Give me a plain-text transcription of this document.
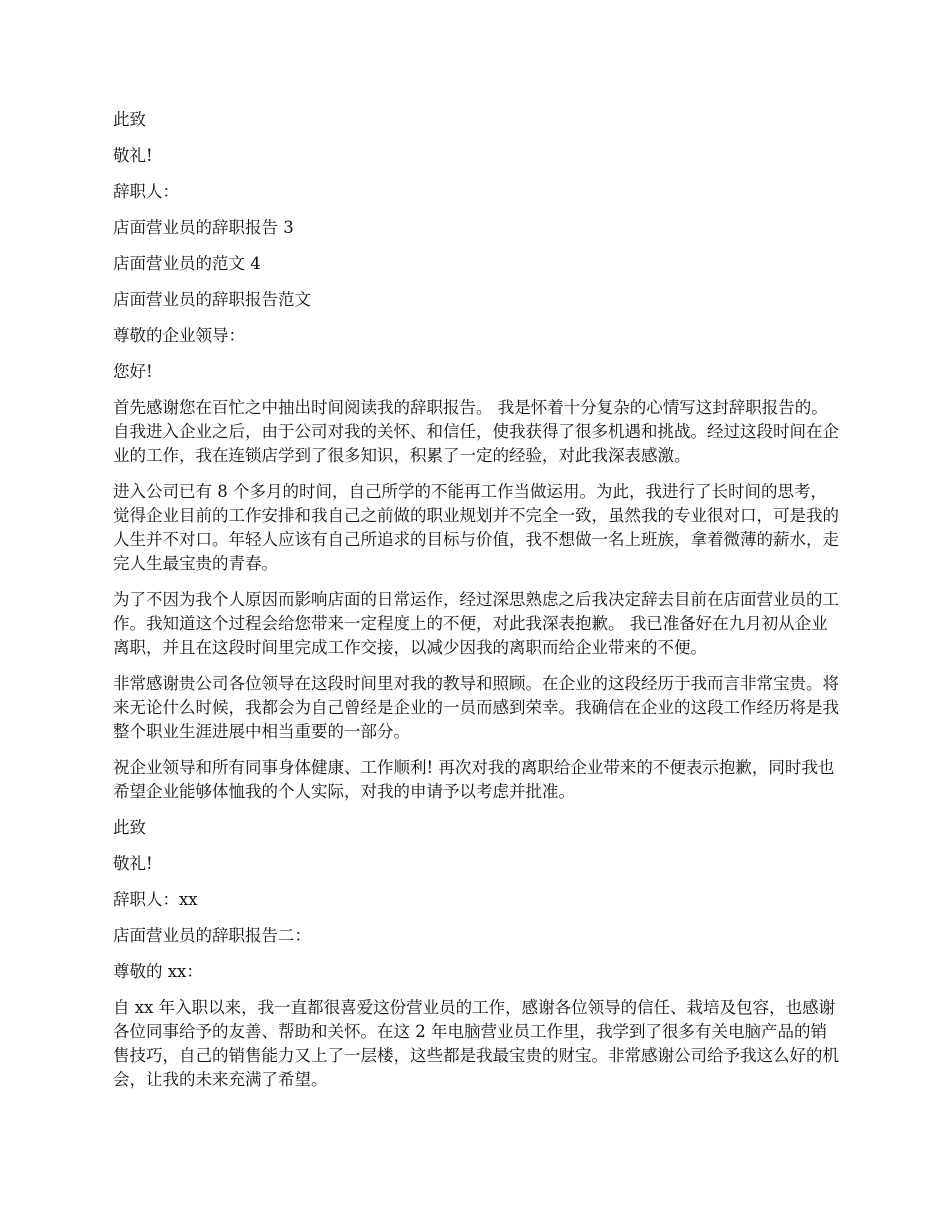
此致

敬礼!

辞职人：

店面营业员的辞职报告 3

店面营业员的范文 4

店面营业员的辞职报告范文

尊敬的企业领导：

您好!

首先感谢您在百忙之中抽出时间阅读我的辞职报告。 我是怀着十分复杂的心情写这封辞职报告的。自我进入企业之后，由于公司对我的关怀、和信任，使我获得了很多机遇和挑战。经过这段时间在企业的工作，我在连锁店学到了很多知识，积累了一定的经验，对此我深表感激。

进入公司已有 8 个多月的时间，自己所学的不能再工作当做运用。为此，我进行了长时间的思考，觉得企业目前的工作安排和我自己之前做的职业规划并不完全一致，虽然我的专业很对口，可是我的人生并不对口。年轻人应该有自己所追求的目标与价值，我不想做一名上班族，拿着微薄的薪水，走完人生最宝贵的青春。

为了不因为我个人原因而影响店面的日常运作，经过深思熟虑之后我决定辞去目前在店面营业员的工作。我知道这个过程会给您带来一定程度上的不便，对此我深表抱歉。 我已准备好在九月初从企业离职，并且在这段时间里完成工作交接，以减少因我的离职而给企业带来的不便。

非常感谢贵公司各位领导在这段时间里对我的教导和照顾。在企业的这段经历于我而言非常宝贵。将来无论什么时候，我都会为自己曾经是企业的一员而感到荣幸。我确信在企业的这段工作经历将是我整个职业生涯进展中相当重要的一部分。

祝企业领导和所有同事身体健康、工作顺利! 再次对我的离职给企业带来的不便表示抱歉，同时我也希望企业能够体恤我的个人实际，对我的申请予以考虑并批准。

此致

敬礼!

辞职人：xx

店面营业员的辞职报告二：

尊敬的 xx：

自 xx 年入职以来，我一直都很喜爱这份营业员的工作，感谢各位领导的信任、栽培及包容，也感谢各位同事给予的友善、帮助和关怀。在这 2 年电脑营业员工作里，我学到了很多有关电脑产品的销售技巧，自己的销售能力又上了一层楼，这些都是我最宝贵的财宝。非常感谢公司给予我这么好的机会，让我的未来充满了希望。
